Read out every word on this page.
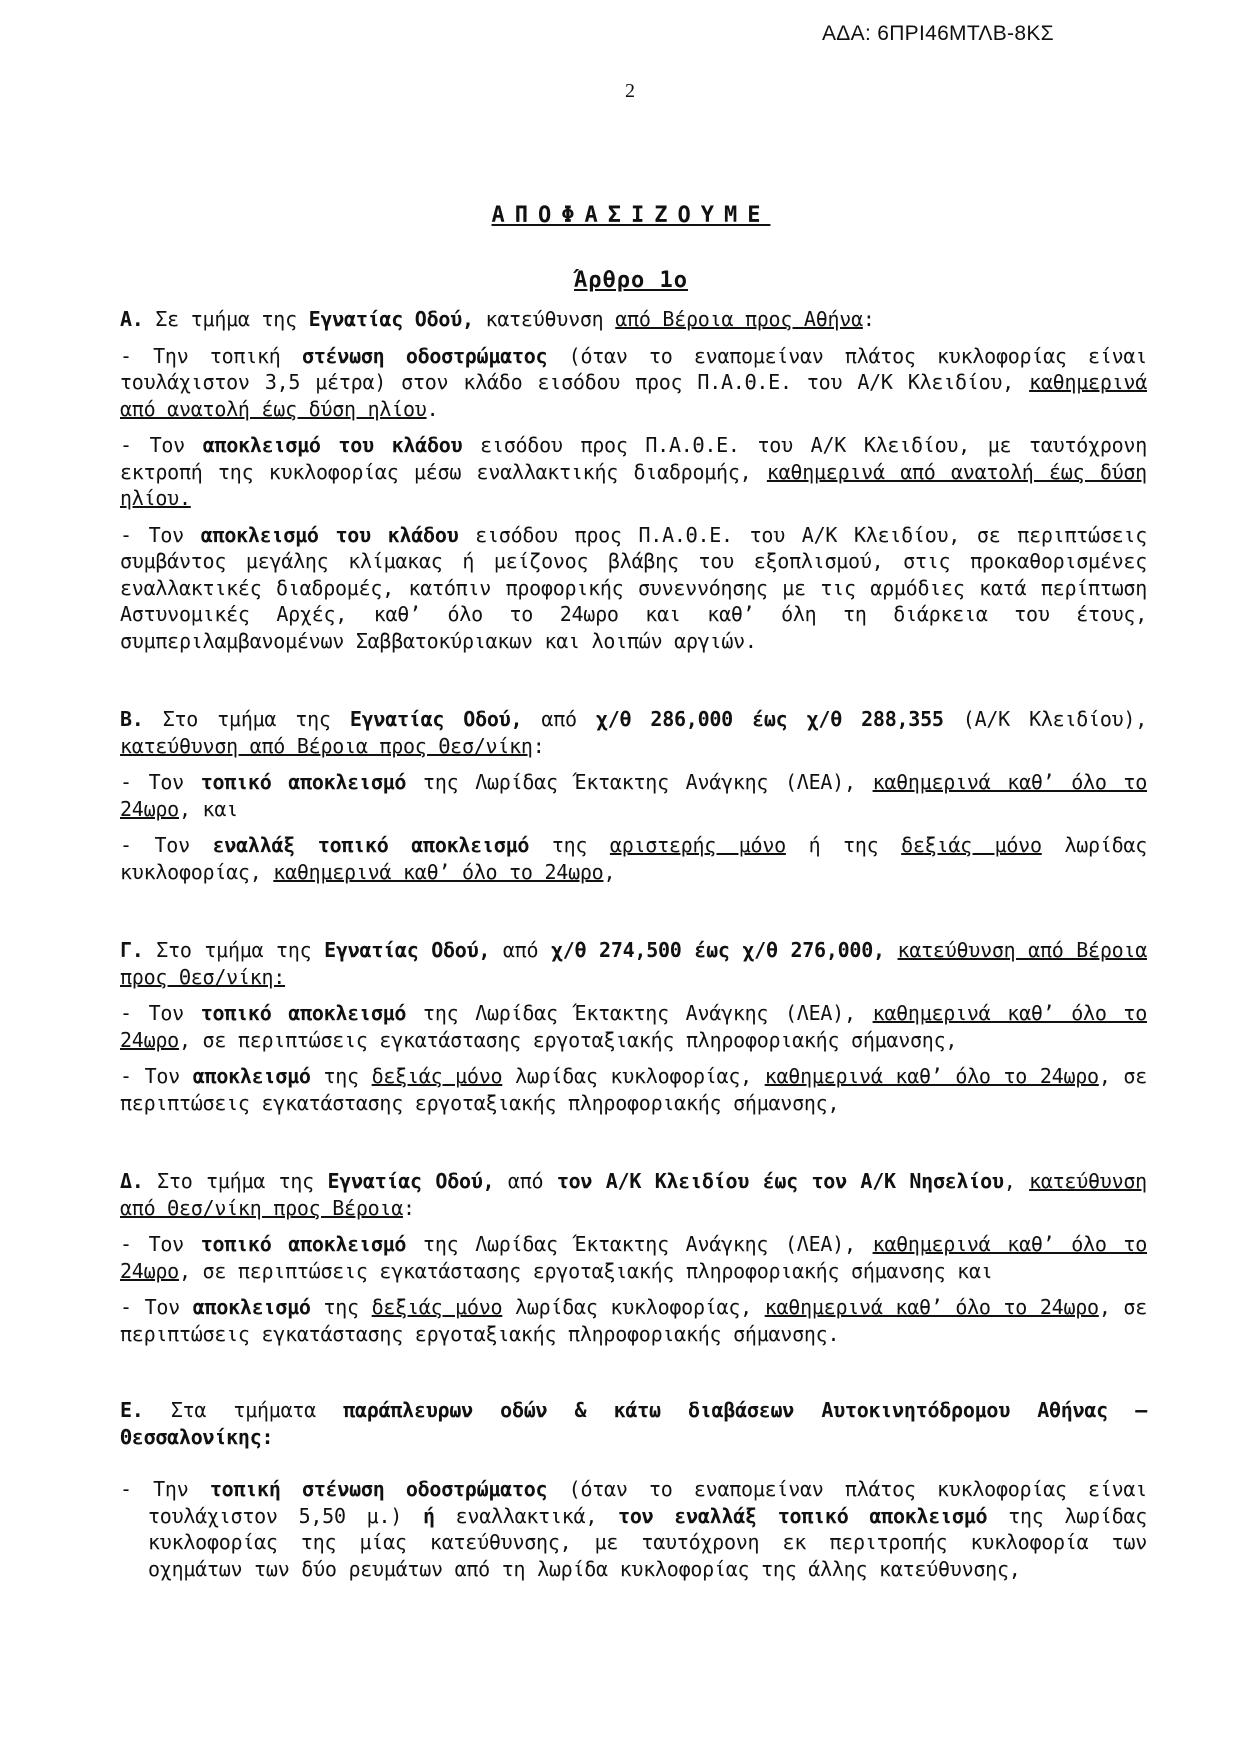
ΑΔΑ: 6ΠΡΙ46ΜΤΛΒ-8ΚΣ
2
ΑΠΟΦΑΣΙΖΟΥΜΕ
Άρθρο 1ο

Α. Σε τμήμα της Εγνατίας Οδού, κατεύθυνση από Βέροια προς Αθήνα:

- Την τοπική στένωση οδοστρώματος (όταν το εναπομείναν πλάτος κυκλοφορίας είναι τουλάχιστον 3,5 μέτρα) στον κλάδο εισόδου προς Π.Α.Θ.Ε. του Α/Κ Κλειδίου, καθημερινά από ανατολή έως δύση ηλίου.

- Τον αποκλεισμό του κλάδου εισόδου προς Π.Α.Θ.Ε. του Α/Κ Κλειδίου, με ταυτόχρονη εκτροπή της κυκλοφορίας μέσω εναλλακτικής διαδρομής, καθημερινά από ανατολή έως δύση ηλίου.

- Τον αποκλεισμό του κλάδου εισόδου προς Π.Α.Θ.Ε. του Α/Κ Κλειδίου, σε περιπτώσεις συμβάντος μεγάλης κλίμακας ή μείζονος βλάβης του εξοπλισμού, στις προκαθορισμένες εναλλακτικές διαδρομές, κατόπιν προφορικής συνεννόησης με τις αρμόδιες κατά περίπτωση Αστυνομικές Αρχές, καθ’ όλο το 24ωρο και καθ’ όλη τη διάρκεια του έτους, συμπεριλαμβανομένων Σαββατοκύριακων και λοιπών αργιών.

Β. Στο τμήμα της Εγνατίας Οδού, από χ/θ 286,000 έως χ/θ 288,355 (Α/Κ Κλειδίου), κατεύθυνση από Βέροια προς Θεσ/νίκη:

- Τον τοπικό αποκλεισμό της Λωρίδας Έκτακτης Ανάγκης (ΛΕΑ), καθημερινά καθ’ όλο το 24ωρο, και

- Τον εναλλάξ τοπικό αποκλεισμό της αριστερής μόνο ή της δεξιάς μόνο λωρίδας κυκλοφορίας, καθημερινά καθ’ όλο το 24ωρο,

Γ. Στο τμήμα της Εγνατίας Οδού, από χ/θ 274,500 έως χ/θ 276,000, κατεύθυνση από Βέροια προς Θεσ/νίκη:

- Τον τοπικό αποκλεισμό της Λωρίδας Έκτακτης Ανάγκης (ΛΕΑ), καθημερινά καθ’ όλο το 24ωρο, σε περιπτώσεις εγκατάστασης εργοταξιακής πληροφοριακής σήμανσης,

- Τον αποκλεισμό της δεξιάς μόνο λωρίδας κυκλοφορίας, καθημερινά καθ’ όλο το 24ωρο, σε περιπτώσεις εγκατάστασης εργοταξιακής πληροφοριακής σήμανσης,

Δ. Στο τμήμα της Εγνατίας Οδού, από τον Α/Κ Κλειδίου έως τον Α/Κ Νησελίου, κατεύθυνση από Θεσ/νίκη προς Βέροια:

- Τον τοπικό αποκλεισμό της Λωρίδας Έκτακτης Ανάγκης (ΛΕΑ), καθημερινά καθ’ όλο το 24ωρο, σε περιπτώσεις εγκατάστασης εργοταξιακής πληροφοριακής σήμανσης και

- Τον αποκλεισμό της δεξιάς μόνο λωρίδας κυκλοφορίας, καθημερινά καθ’ όλο το 24ωρο, σε περιπτώσεις εγκατάστασης εργοταξιακής πληροφοριακής σήμανσης.

Ε. Στα τμήματα παράπλευρων οδών & κάτω διαβάσεων Αυτοκινητόδρομου Αθήνας – Θεσσαλονίκης:

- Την τοπική στένωση οδοστρώματος (όταν το εναπομείναν πλάτος κυκλοφορίας είναι τουλάχιστον 5,50 μ.) ή εναλλακτικά, τον εναλλάξ τοπικό αποκλεισμό της λωρίδας κυκλοφορίας της μίας κατεύθυνσης, με ταυτόχρονη εκ περιτροπής κυκλοφορία των οχημάτων των δύο ρευμάτων από τη λωρίδα κυκλοφορίας της άλλης κατεύθυνσης,
